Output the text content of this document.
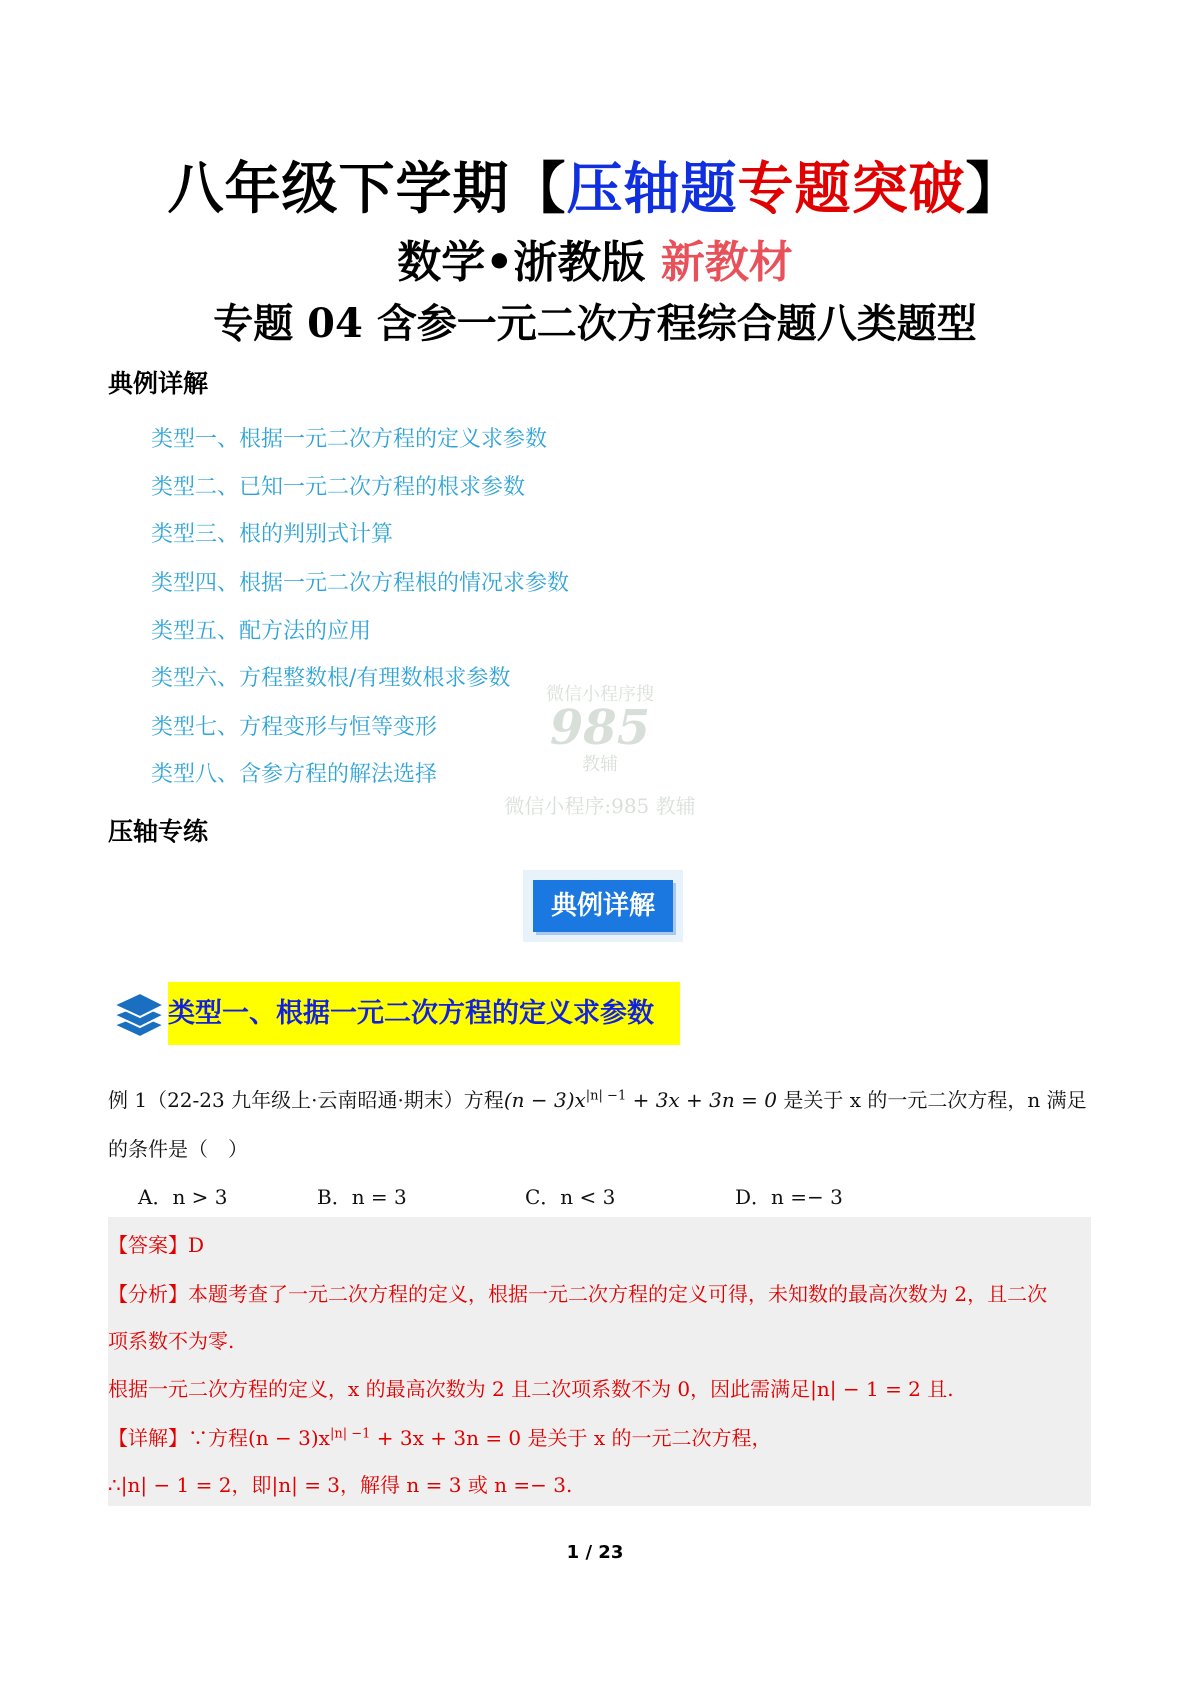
八年级下学期【压轴题专题突破】
数学•浙教版 新教材
专题 04 含参一元二次方程综合题八类题型
典例详解
类型一、根据一元二次方程的定义求参数
类型二、已知一元二次方程的根求参数
类型三、根的判别式计算
类型四、根据一元二次方程根的情况求参数
类型五、配方法的应用
类型六、方程整数根/有理数根求参数
类型七、方程变形与恒等变形
类型八、含参方程的解法选择
微信小程序搜
985
教辅
微信小程序:985 教辅
压轴专练
典例详解
类型一、根据一元二次方程的定义求参数
例 1（22-23 九年级上·云南昭通·期末）方程$(n - 3)x^{|n| -1} + 3x + 3n = 0$ 是关于 x 的一元二次方程，n 满足
的条件是（　）
A．n > 3	B．n = 3	C．n < 3	D．n =− 3
【答案】D
【分析】本题考查了一元二次方程的定义，根据一元二次方程的定义可得，未知数的最高次数为 2，且二次
项系数不为零.
根据一元二次方程的定义，x 的最高次数为 2 且二次项系数不为 0，因此需满足|n| − 1 = 2 且.
【详解】∵方程$(n - 3)x^{|n| -1} + 3x + 3n = 0$ 是关于 x 的一元二次方程，
∴|n| − 1 = 2，即|n| = 3，解得 n = 3 或 n =− 3.
1 / 23
